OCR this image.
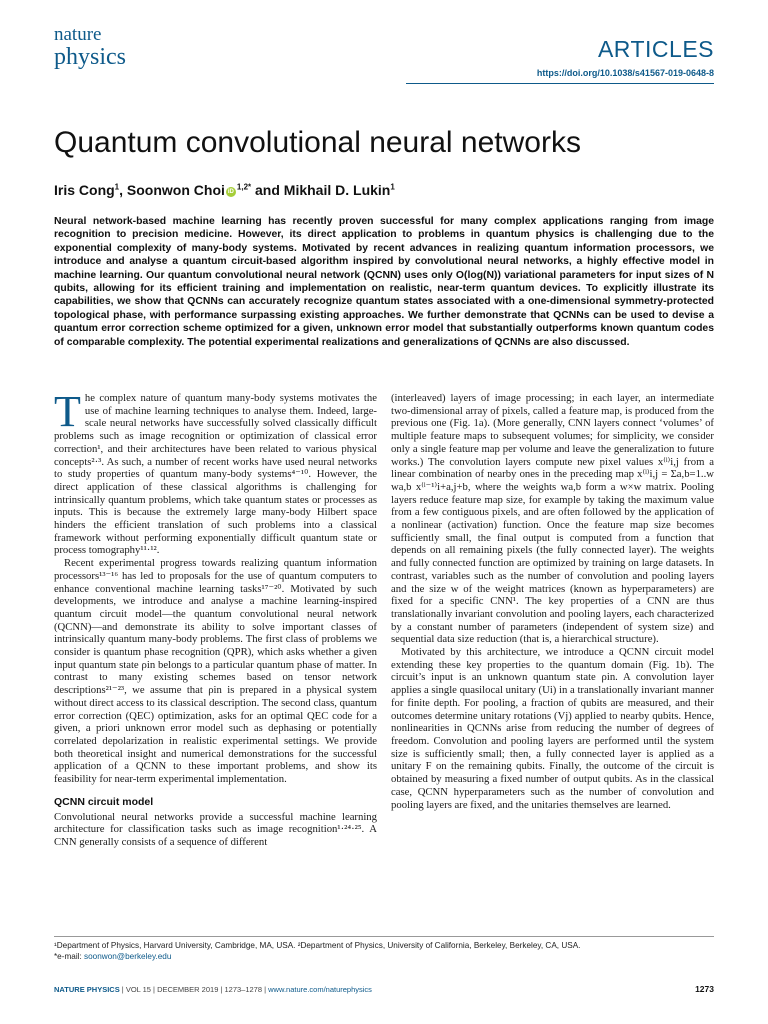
nature
physics	ARTICLES
https://doi.org/10.1038/s41567-019-0648-8
Quantum convolutional neural networks
Iris Cong$^1$, Soonwon Choi $iD^{1,2*}$ and Mikhail D. Lukin$^1$

Neural network-based machine learning has recently proven successful for many complex applications ranging from image recognition to precision medicine. However, its direct application to problems in quantum physics is challenging due to the exponential complexity of many-body systems. Motivated by recent advances in realizing quantum information processors, we introduce and analyse a quantum circuit-based algorithm inspired by convolutional neural networks, a highly effective model in machine learning. Our quantum convolutional neural network (QCNN) uses only O(log(N)) variational parameters for input sizes of N qubits, allowing for its efficient training and implementation on realistic, near-term quantum devices. To explicitly illustrate its capabilities, we show that QCNNs can accurately recognize quantum states associated with a one-dimensional symmetry-protected topological phase, with performance surpassing existing approaches. We further demonstrate that QCNNs can be used to devise a quantum error correction scheme optimized for a given, unknown error model that substantially outperforms known quantum codes of comparable complexity. The potential experimental realizations and generalizations of QCNNs are also discussed.

The complex nature of quantum many-body systems motivates the use of machine learning techniques to analyse them. Indeed, large-scale neural networks have successfully solved classically difficult problems such as image recognition or optimization of classical error correction¹, and their architectures have been related to various physical concepts²·³. As such, a number of recent works have used neural networks to study properties of quantum many-body systems⁴⁻¹⁰. However, the direct application of these classical algorithms is challenging for intrinsically quantum problems, which take quantum states or processes as inputs. This is because the extremely large many-body Hilbert space hinders the efficient translation of such problems into a classical framework without performing exponentially difficult quantum state or process tomography¹¹·¹².

Recent experimental progress towards realizing quantum information processors¹³⁻¹⁶ has led to proposals for the use of quantum computers to enhance conventional machine learning tasks¹⁷⁻²⁰. Motivated by such developments, we introduce and analyse a machine learning-inspired quantum circuit model—the quantum convolutional neural network (QCNN)—and demonstrate its ability to solve important classes of intrinsically quantum many-body problems. The first class of problems we consider is quantum phase recognition (QPR), which asks whether a given input quantum state ρin belongs to a particular quantum phase of matter. In contrast to many existing schemes based on tensor network descriptions²¹⁻²³, we assume that ρin is prepared in a physical system without direct access to its classical description. The second class, quantum error correction (QEC) optimization, asks for an optimal QEC code for a given, a priori unknown error model such as dephasing or potentially correlated depolarization in realistic experimental settings. We provide both theoretical insight and numerical demonstrations for the successful application of a QCNN to these important problems, and show its feasibility for near-term experimental implementation.

QCNN circuit model

Convolutional neural networks provide a successful machine learning architecture for classification tasks such as image recognition¹·²⁴·²⁵. A CNN generally consists of a sequence of different

(interleaved) layers of image processing; in each layer, an intermediate two-dimensional array of pixels, called a feature map, is produced from the previous one (Fig. 1a). (More generally, CNN layers connect ‘volumes’ of multiple feature maps to subsequent volumes; for simplicity, we consider only a single feature map per volume and leave the generalization to future works.) The convolution layers compute new pixel values x⁽ˡ⁾i,j from a linear combination of nearby ones in the preceding map x⁽ˡ⁾i,j = Σa,b=1..w wa,b x⁽ˡ⁻¹⁾i+a,j+b, where the weights wa,b form a w×w matrix. Pooling layers reduce feature map size, for example by taking the maximum value from a few contiguous pixels, and are often followed by the application of a nonlinear (activation) function. Once the feature map size becomes sufficiently small, the final output is computed from a function that depends on all remaining pixels (the fully connected layer). The weights and fully connected function are optimized by training on large datasets. In contrast, variables such as the number of convolution and pooling layers and the size w of the weight matrices (known as hyperparameters) are fixed for a specific CNN¹. The key properties of a CNN are thus translationally invariant convolution and pooling layers, each characterized by a constant number of parameters (independent of system size) and sequential data size reduction (that is, a hierarchical structure).

Motivated by this architecture, we introduce a QCNN circuit model extending these key properties to the quantum domain (Fig. 1b). The circuit’s input is an unknown quantum state ρin. A convolution layer applies a single quasilocal unitary (Ui) in a translationally invariant manner for finite depth. For pooling, a fraction of qubits are measured, and their outcomes determine unitary rotations (Vj) applied to nearby qubits. Hence, nonlinearities in QCNNs arise from reducing the number of degrees of freedom. Convolution and pooling layers are performed until the system size is sufficiently small; then, a fully connected layer is applied as a unitary F on the remaining qubits. Finally, the outcome of the circuit is obtained by measuring a fixed number of output qubits. As in the classical case, QCNN hyperparameters such as the number of convolution and pooling layers are fixed, and the unitaries themselves are learned.

¹Department of Physics, Harvard University, Cambridge, MA, USA. ²Department of Physics, University of California, Berkeley, Berkeley, CA, USA.
*e-mail: soonwon@berkeley.edu
NATURE PHYSICS | VOL 15 | DECEMBER 2019 | 1273–1278 | www.nature.com/naturephysics	1273
